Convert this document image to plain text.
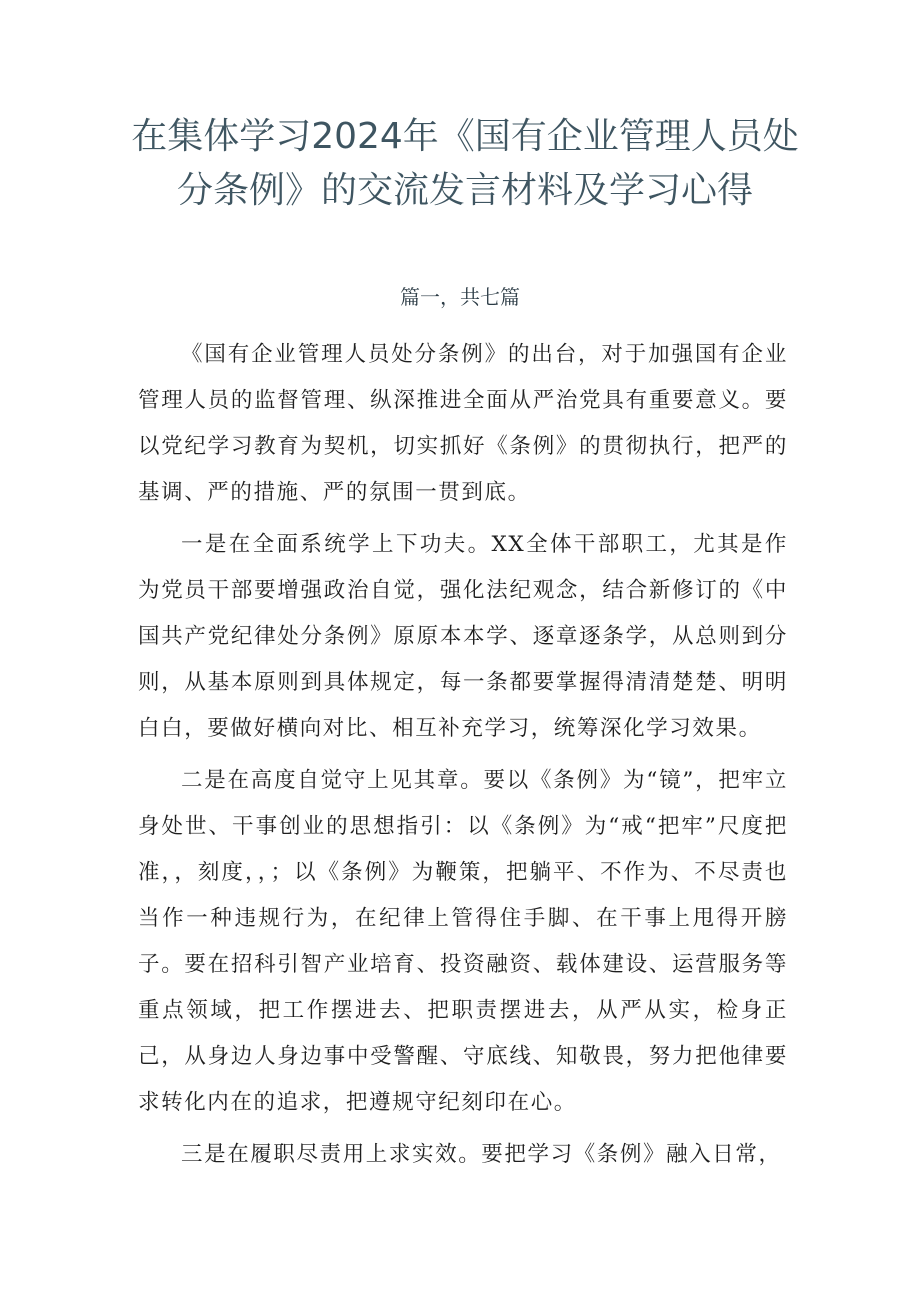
在集体学习2024年《国有企业管理人员处分条例》的交流发言材料及学习心得

篇一，共七篇

《国有企业管理人员处分条例》的出台，对于加强国有企业管理人员的监督管理、纵深推进全面从严治党具有重要意义。要以党纪学习教育为契机，切实抓好《条例》的贯彻执行，把严的基调、严的措施、严的氛围一贯到底。

一是在全面系统学上下功夫。XX全体干部职工，尤其是作为党员干部要增强政治自觉，强化法纪观念，结合新修订的《中国共产党纪律处分条例》原原本本学、逐章逐条学，从总则到分则，从基本原则到具体规定，每一条都要掌握得清清楚楚、明明白白，要做好横向对比、相互补充学习，统筹深化学习效果。

二是在高度自觉守上见其章。要以《条例》为“镜”，把牢立身处世、干事创业的思想指引：以《条例》为“戒“把牢”尺度把准，，刻度，，；以《条例》为鞭策，把躺平、不作为、不尽责也当作一种违规行为，在纪律上管得住手脚、在干事上甩得开膀子。要在招科引智产业培育、投资融资、载体建设、运营服务等重点领域，把工作摆进去、把职责摆进去，从严从实，检身正己，从身边人身边事中受警醒、守底线、知敬畏，努力把他律要求转化内在的追求，把遵规守纪刻印在心。

三是在履职尽责用上求实效。要把学习《条例》融入日常，
